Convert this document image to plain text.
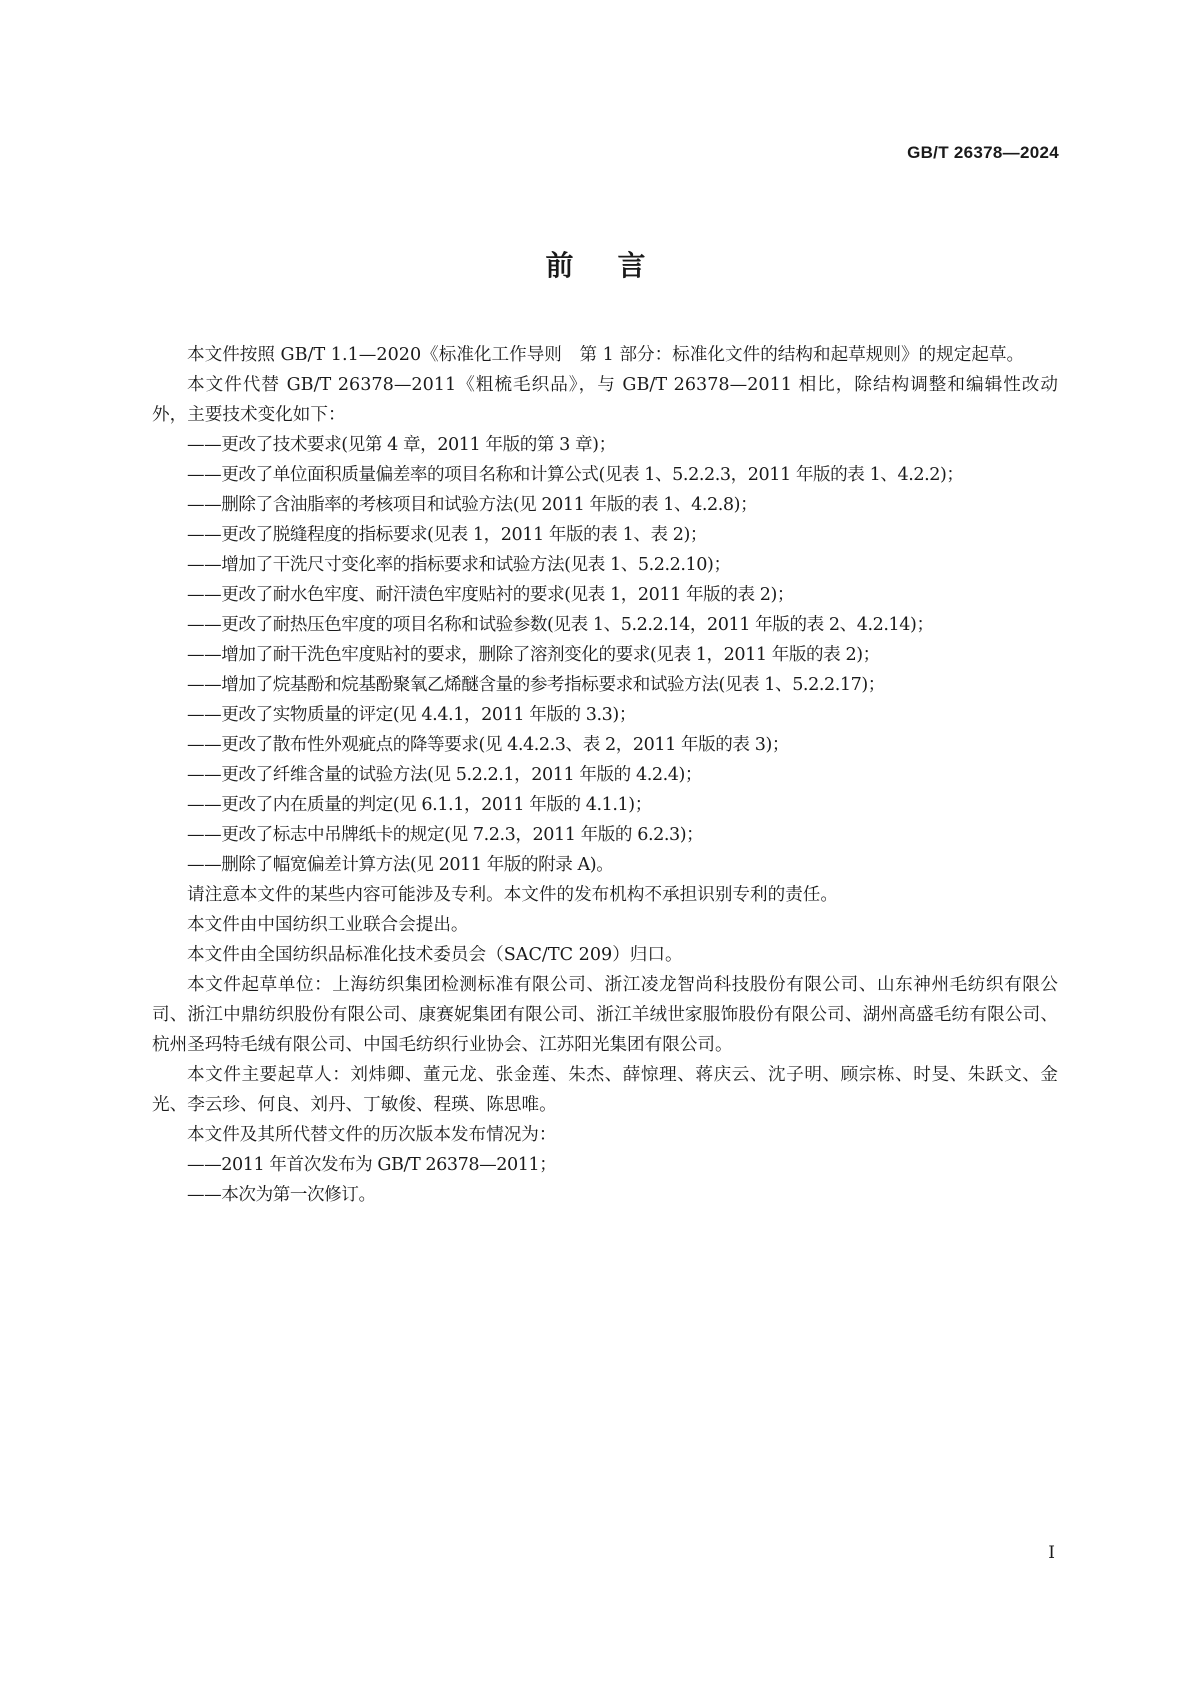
GB/T 26378—2024
前言

本文件按照 GB/T 1.1—2020《标准化工作导则　第 1 部分：标准化文件的结构和起草规则》的规定起草。

本文件代替 GB/T 26378—2011《粗梳毛织品》，与 GB/T 26378—2011 相比，除结构调整和编辑性改动外，主要技术变化如下：

——更改了技术要求(见第 4 章，2011 年版的第 3 章)；

——更改了单位面积质量偏差率的项目名称和计算公式(见表 1、5.2.2.3，2011 年版的表 1、4.2.2)；

——删除了含油脂率的考核项目和试验方法(见 2011 年版的表 1、4.2.8)；

——更改了脱缝程度的指标要求(见表 1，2011 年版的表 1、表 2)；

——增加了干洗尺寸变化率的指标要求和试验方法(见表 1、5.2.2.10)；

——更改了耐水色牢度、耐汗渍色牢度贴衬的要求(见表 1，2011 年版的表 2)；

——更改了耐热压色牢度的项目名称和试验参数(见表 1、5.2.2.14，2011 年版的表 2、4.2.14)；

——增加了耐干洗色牢度贴衬的要求，删除了溶剂变化的要求(见表 1，2011 年版的表 2)；

——增加了烷基酚和烷基酚聚氧乙烯醚含量的参考指标要求和试验方法(见表 1、5.2.2.17)；

——更改了实物质量的评定(见 4.4.1，2011 年版的 3.3)；

——更改了散布性外观疵点的降等要求(见 4.4.2.3、表 2，2011 年版的表 3)；

——更改了纤维含量的试验方法(见 5.2.2.1，2011 年版的 4.2.4)；

——更改了内在质量的判定(见 6.1.1，2011 年版的 4.1.1)；

——更改了标志中吊牌纸卡的规定(见 7.2.3，2011 年版的 6.2.3)；

——删除了幅宽偏差计算方法(见 2011 年版的附录 A)。

请注意本文件的某些内容可能涉及专利。本文件的发布机构不承担识别专利的责任。

本文件由中国纺织工业联合会提出。

本文件由全国纺织品标准化技术委员会（SAC/TC 209）归口。

本文件起草单位：上海纺织集团检测标准有限公司、浙江凌龙智尚科技股份有限公司、山东神州毛纺织有限公司、浙江中鼎纺织股份有限公司、康赛妮集团有限公司、浙江羊绒世家服饰股份有限公司、湖州高盛毛纺有限公司、杭州圣玛特毛绒有限公司、中国毛纺织行业协会、江苏阳光集团有限公司。

本文件主要起草人：刘炜卿、董元龙、张金莲、朱杰、薛惊理、蒋庆云、沈子明、顾宗栋、时旻、朱跃文、金光、李云珍、何良、刘丹、丁敏俊、程瑛、陈思唯。

本文件及其所代替文件的历次版本发布情况为：

——2011 年首次发布为 GB/T 26378—2011；

——本次为第一次修订。

I
